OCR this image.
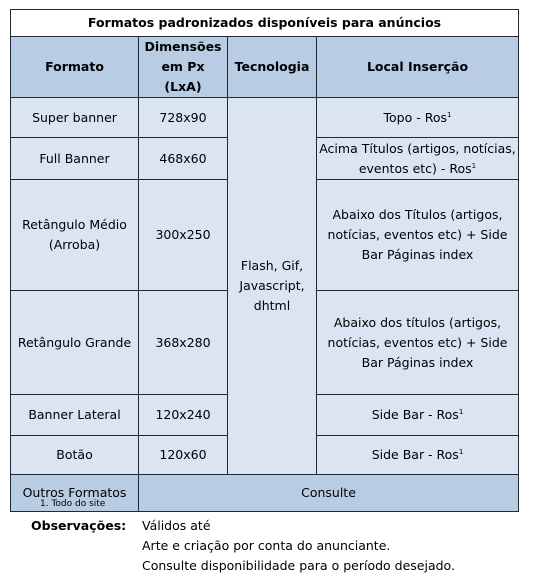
Formatos padronizados disponíveis para anúncios			
Formato	Dimensões em Px (LxA)	Tecnologia	Local Inserção
Super banner	728x90	Flash, Gif, Javascript, dhtml	Topo - Ros$^1$
Full Banner	468x60		Acima Títulos (artigos, notícias, eventos etc) - Ros$^1$
Retângulo Médio (Arroba)	300x250		Abaixo dos Títulos (artigos, notícias, eventos etc) + Side Bar Páginas index
Retângulo Grande	368x280		Abaixo dos títulos (artigos, notícias, eventos etc) + Side Bar Páginas index
Banner Lateral	120x240		Side Bar - Ros$^1$
Botão	120x60		Side Bar - Ros$^1$
Outros Formatos	Consulte		
1. Todo do site
Observações: Válidos até
Arte e criação por conta do anunciante.
Consulte disponibilidade para o período desejado.
